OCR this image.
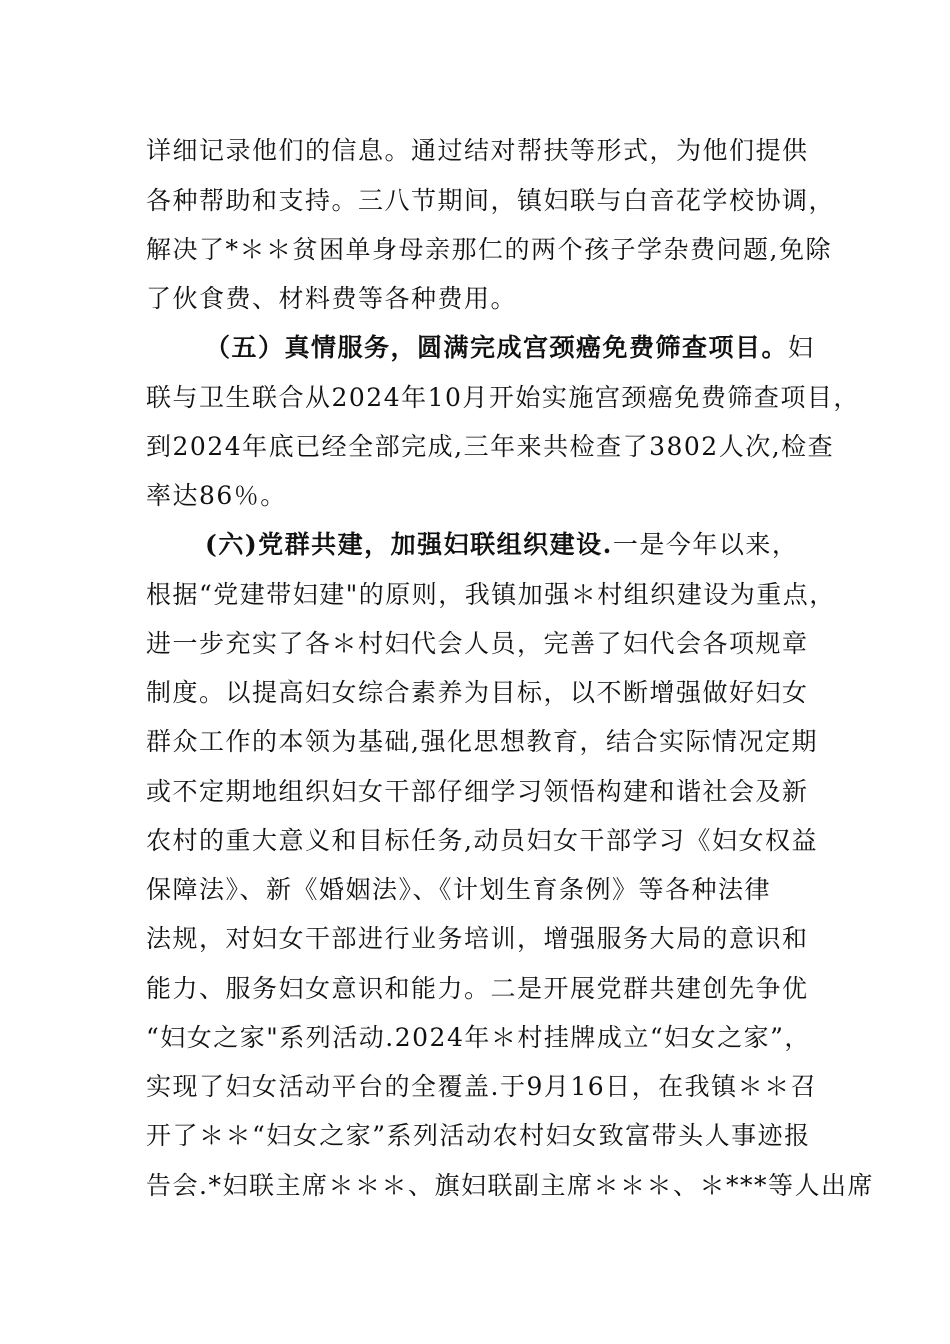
详细记录他们的信息。通过结对帮扶等形式，为他们提供
各种帮助和支持。三八节期间，镇妇联与白音花学校协调，
解决了*＊＊贫困单身母亲那仁的两个孩子学杂费问题,免除
了伙食费、材料费等各种费用。
（五）真情服务，圆满完成宫颈癌免费筛查项目。妇
联与卫生联合从2024年10月开始实施宫颈癌免费筛查项目，
到2024年底已经全部完成,三年来共检查了3802人次,检查
率达86％。
(六)党群共建，加强妇联组织建设.一是今年以来，
根据“党建带妇建"的原则，我镇加强＊村组织建设为重点，
进一步充实了各＊村妇代会人员，完善了妇代会各项规章
制度。以提高妇女综合素养为目标，以不断增强做好妇女
群众工作的本领为基础,强化思想教育，结合实际情况定期
或不定期地组织妇女干部仔细学习领悟构建和谐社会及新
农村的重大意义和目标任务,动员妇女干部学习《妇女权益
保障法》、新《婚姻法》、《计划生育条例》等各种法律
法规，对妇女干部进行业务培训，增强服务大局的意识和
能力、服务妇女意识和能力。二是开展党群共建创先争优
“妇女之家"系列活动.2024年＊村挂牌成立“妇女之家”，
实现了妇女活动平台的全覆盖.于9月16日，在我镇＊＊召
开了＊＊“妇女之家”系列活动农村妇女致富带头人事迹报
告会.*妇联主席＊＊＊、旗妇联副主席＊＊＊、＊***等人出席
